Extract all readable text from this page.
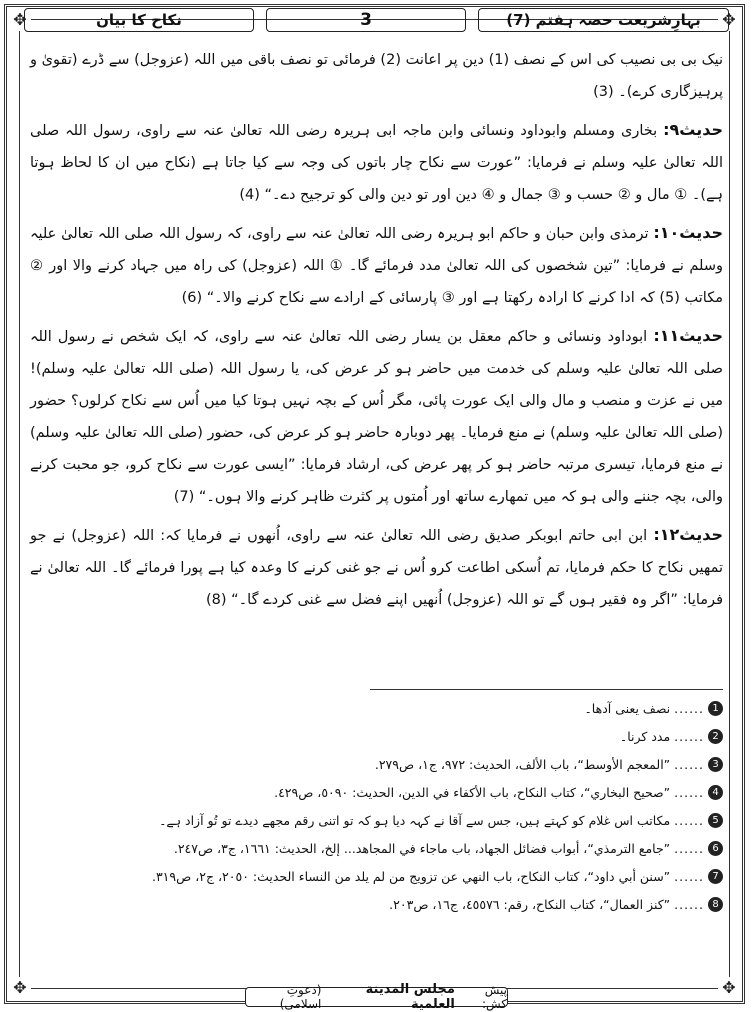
✥	✥
✥	✥
نکاح کا بیان	3	بہارِشریعت حصہ ہفتم (7)

نیک بی بی نصیب کی اس کے نصف (1) دین پر اعانت (2) فرمائی تو نصف باقی میں اللہ (عزوجل) سے ڈرے (تقویٰ و پرہیزگاری کرے)۔ (3)

حدیث۹: بخاری ومسلم وابوداود ونسائی وابن ماجہ ابی ہریرہ رضی اللہ تعالیٰ عنہ سے راوی، رسول اللہ صلی اللہ تعالیٰ علیہ وسلم نے فرمایا: ”عورت سے نکاح چار باتوں کی وجہ سے کیا جاتا ہے (نکاح میں ان کا لحاظ ہوتا ہے)۔ ① مال و ② حسب و ③ جمال و ④ دین اور تو دین والی کو ترجیح دے۔“ (4)

حدیث۱۰: ترمذی وابن حبان و حاکم ابو ہریرہ رضی اللہ تعالیٰ عنہ سے راوی، کہ رسول اللہ صلی اللہ تعالیٰ علیہ وسلم نے فرمایا: ”تین شخصوں کی اللہ تعالیٰ مدد فرمائے گا۔ ① اللہ (عزوجل) کی راہ میں جہاد کرنے والا اور ② مکاتب (5) کہ ادا کرنے کا ارادہ رکھتا ہے اور ③ پارسائی کے ارادے سے نکاح کرنے والا۔“ (6)

حدیث۱۱: ابوداود ونسائی و حاکم معقل بن یسار رضی اللہ تعالیٰ عنہ سے راوی، کہ ایک شخص نے رسول اللہ صلی اللہ تعالیٰ علیہ وسلم کی خدمت میں حاضر ہو کر عرض کی، یا رسول اللہ (صلی اللہ تعالیٰ علیہ وسلم)! میں نے عزت و منصب و مال والی ایک عورت پائی، مگر اُس کے بچہ نہیں ہوتا کیا میں اُس سے نکاح کرلوں؟ حضور (صلی اللہ تعالیٰ علیہ وسلم) نے منع فرمایا۔ پھر دوبارہ حاضر ہو کر عرض کی، حضور (صلی اللہ تعالیٰ علیہ وسلم) نے منع فرمایا، تیسری مرتبہ حاضر ہو کر پھر عرض کی، ارشاد فرمایا: ”ایسی عورت سے نکاح کرو، جو محبت کرنے والی، بچہ جننے والی ہو کہ میں تمھارے ساتھ اور اُمتوں پر کثرت ظاہر کرنے والا ہوں۔“ (7)

حدیث۱۲: ابن ابی حاتم ابوبکر صدیق رضی اللہ تعالیٰ عنہ سے راوی، اُنھوں نے فرمایا کہ: اللہ (عزوجل) نے جو تمھیں نکاح کا حکم فرمایا، تم اُسکی اطاعت کرو اُس نے جو غنی کرنے کا وعدہ کیا ہے پورا فرمائے گا۔ اللہ تعالیٰ نے فرمایا: ”اگر وہ فقیر ہوں گے تو اللہ (عزوجل) اُنھیں اپنے فضل سے غنی کردے گا۔“ (8)

1
......
نصف یعنی آدھا۔
2
......
مدد کرنا۔
3
......
”المعجم الأوسط“، باب الألف، الحديث: ٩٧٢، ج١، ص٢٧٩.
4
......
”صحيح البخاري“، كتاب النكاح، باب الأكفاء في الدين، الحديث: ٥٠٩٠، ص٤٢٩.
5
......
مکاتب اس غلام کو کہتے ہیں، جس سے آقا نے کہہ دیا ہو کہ تو اتنی رقم مجھے دیدے تو تُو آزاد ہے۔
6
......
”جامع الترمذي“، أبواب فضائل الجهاد، باب ماجاء في المجاهد... إلخ، الحديث: ١٦٦١، ج٣، ص٢٤٧.
7
......
”سنن أبي داود“، كتاب النكاح، باب النهي عن تزويج من لم يلد من النساء الحديث: ٢٠٥٠، ج٢، ص٣١٩.
8
......
”كنز العمال“، كتاب النكاح، رقم: ٤٥٥٧٦، ج١٦، ص٢٠٣.
پیش کش:
مجلس المدينة العلمية
(دعوتِ اسلامی)
